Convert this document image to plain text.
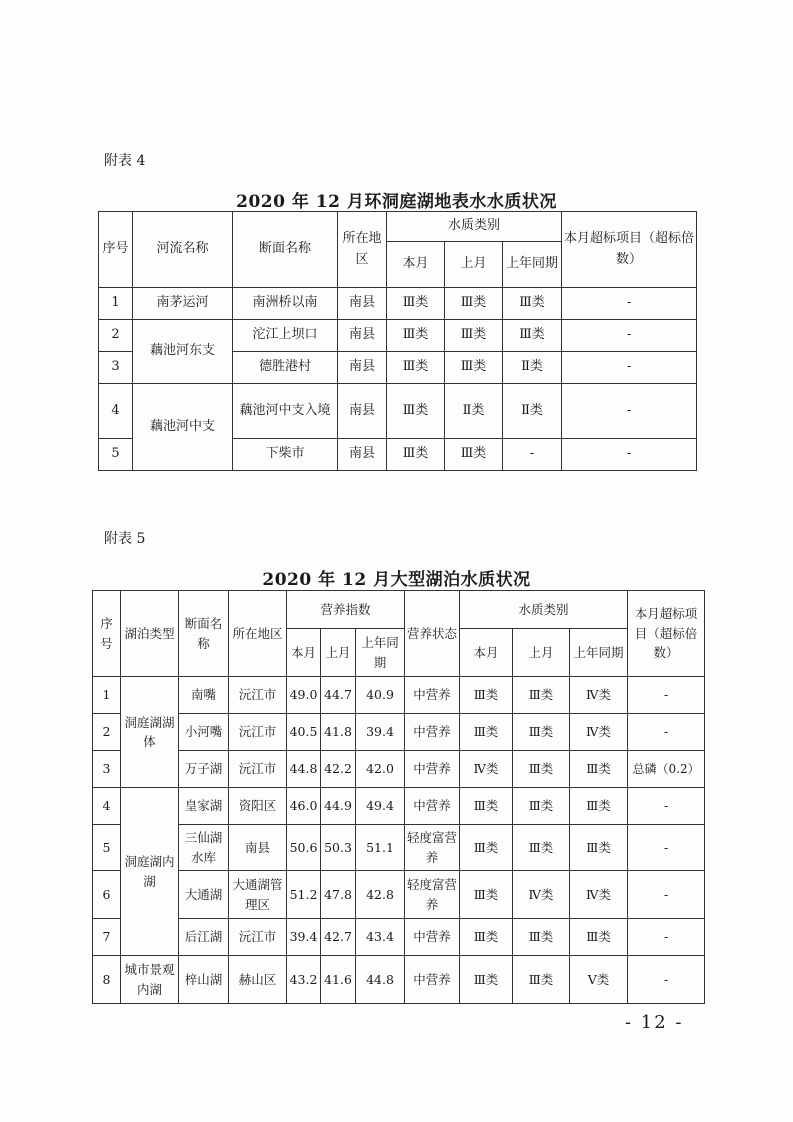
附表 4
2020 年 12 月环洞庭湖地表水水质状况
序号	河流名称	断面名称	所在地区	水质类别			本月超标项目（超标倍数）
				本月	上月	上年同期	
1	南茅运河	南洲桥以南	南县	Ⅲ类	Ⅲ类	Ⅲ类	-
2	藕池河东支	沱江上坝口	南县	Ⅲ类	Ⅲ类	Ⅲ类	-
3		德胜港村	南县	Ⅲ类	Ⅲ类	Ⅱ类	-
4	藕池河中支	藕池河中支入境	南县	Ⅲ类	Ⅱ类	Ⅱ类	-
5		下柴市	南县	Ⅲ类	Ⅲ类	-	-
附表 5
2020 年 12 月大型湖泊水质状况
序号	湖泊类型	断面名称	所在地区	营养指数			营养状态	水质类别			本月超标项目（超标倍数）
				本月	上月	上年同期		本月	上月	上年同期	
1	洞庭湖湖体	南嘴	沅江市	49.0	44.7	40.9	中营养	Ⅲ类	Ⅲ类	Ⅳ类	-
2		小河嘴	沅江市	40.5	41.8	39.4	中营养	Ⅲ类	Ⅲ类	Ⅳ类	-
3		万子湖	沅江市	44.8	42.2	42.0	中营养	Ⅳ类	Ⅲ类	Ⅲ类	总磷（0.2）
4	洞庭湖内湖	皇家湖	资阳区	46.0	44.9	49.4	中营养	Ⅲ类	Ⅲ类	Ⅲ类	-
5		三仙湖水库	南县	50.6	50.3	51.1	轻度富营养	Ⅲ类	Ⅲ类	Ⅲ类	-
6		大通湖	大通湖管理区	51.2	47.8	42.8	轻度富营养	Ⅲ类	Ⅳ类	Ⅳ类	-
7		后江湖	沅江市	39.4	42.7	43.4	中营养	Ⅲ类	Ⅲ类	Ⅲ类	-
8	城市景观内湖	梓山湖	赫山区	43.2	41.6	44.8	中营养	Ⅲ类	Ⅲ类	Ⅴ类	-
- 12 -
